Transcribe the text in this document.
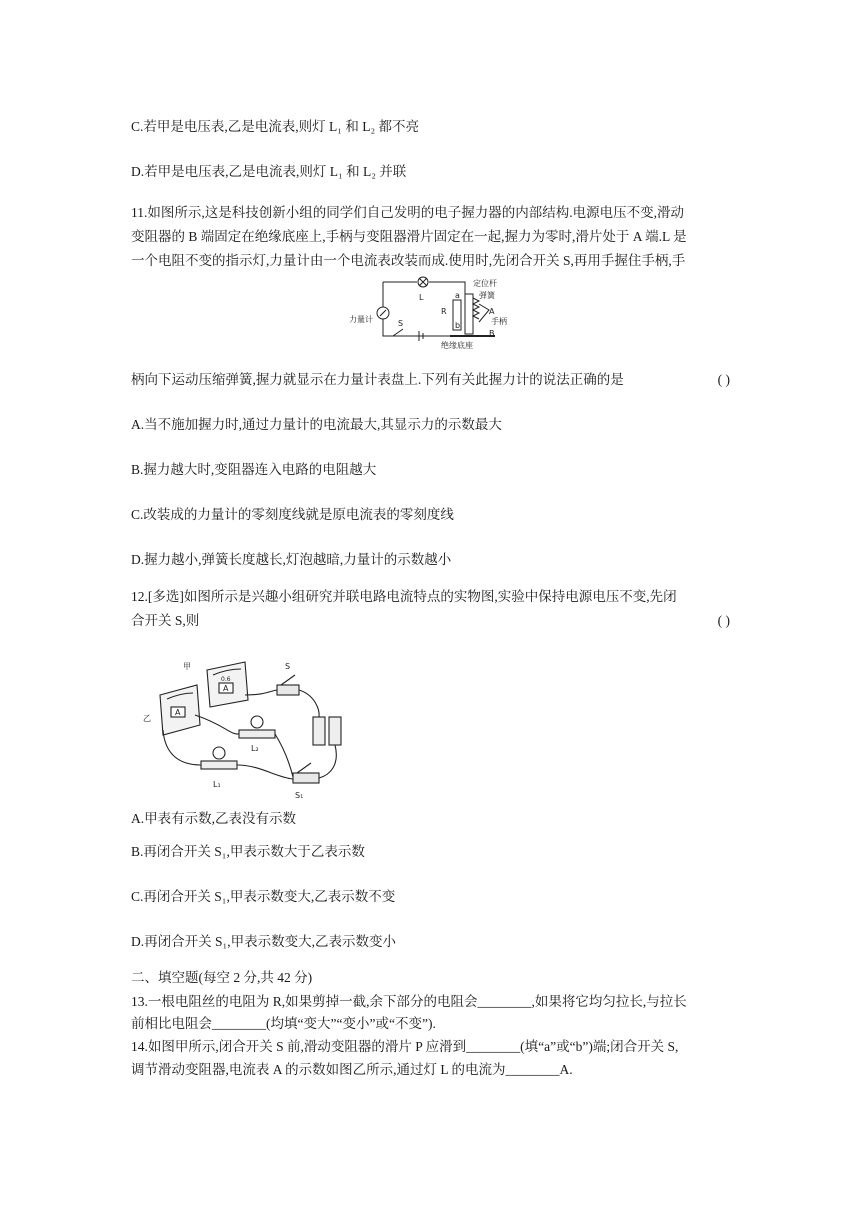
C.若甲是电压表,乙是电流表,则灯 L₁ 和 L₂ 都不亮
D.若甲是电压表,乙是电流表,则灯 L₁ 和 L₂ 并联
11.如图所示,这是科技创新小组的同学们自己发明的电子握力器的内部结构.电源电压不变,滑动
变阻器的 B 端固定在绝缘底座上,手柄与变阻器滑片固定在一起,握力为零时,滑片处于 A 端.L 是
一个电阻不变的指示灯,力量计由一个电流表改装而成.使用时,先闭合开关 S,再用手握住手柄,手
定位杆
L	弹簧
a
R	A
b	手柄
B
力量计	S
绝缘底座
柄向下运动压缩弹簧,握力就显示在力量计表盘上.下列有关此握力计的说法正确的是	( )
A.当不施加握力时,通过力量计的电流最大,其显示力的示数最大
B.握力越大时,变阻器连入电路的电阻越大
C.改装成的力量计的零刻度线就是原电流表的零刻度线
D.握力越小,弹簧长度越长,灯泡越暗,力量计的示数越小
12.[多选]如图所示是兴趣小组研究并联电路电流特点的实物图,实验中保持电源电压不变,先闭
合开关 S,则	( )
甲
乙
S
L₂
L₁
S₁
A
A
0.6
A.甲表有示数,乙表没有示数
B.再闭合开关 S₁,甲表示数大于乙表示数
C.再闭合开关 S₁,甲表示数变大,乙表示数不变
D.再闭合开关 S₁,甲表示数变大,乙表示数变小
二、填空题(每空 2 分,共 42 分)
13.一根电阻丝的电阻为 R,如果剪掉一截,余下部分的电阻会________,如果将它均匀拉长,与拉长
前相比电阻会________(均填“变大”“变小”或“不变”).
14.如图甲所示,闭合开关 S 前,滑动变阻器的滑片 P 应滑到________(填“a”或“b”)端;闭合开关 S,
调节滑动变阻器,电流表 A 的示数如图乙所示,通过灯 L 的电流为________A.
